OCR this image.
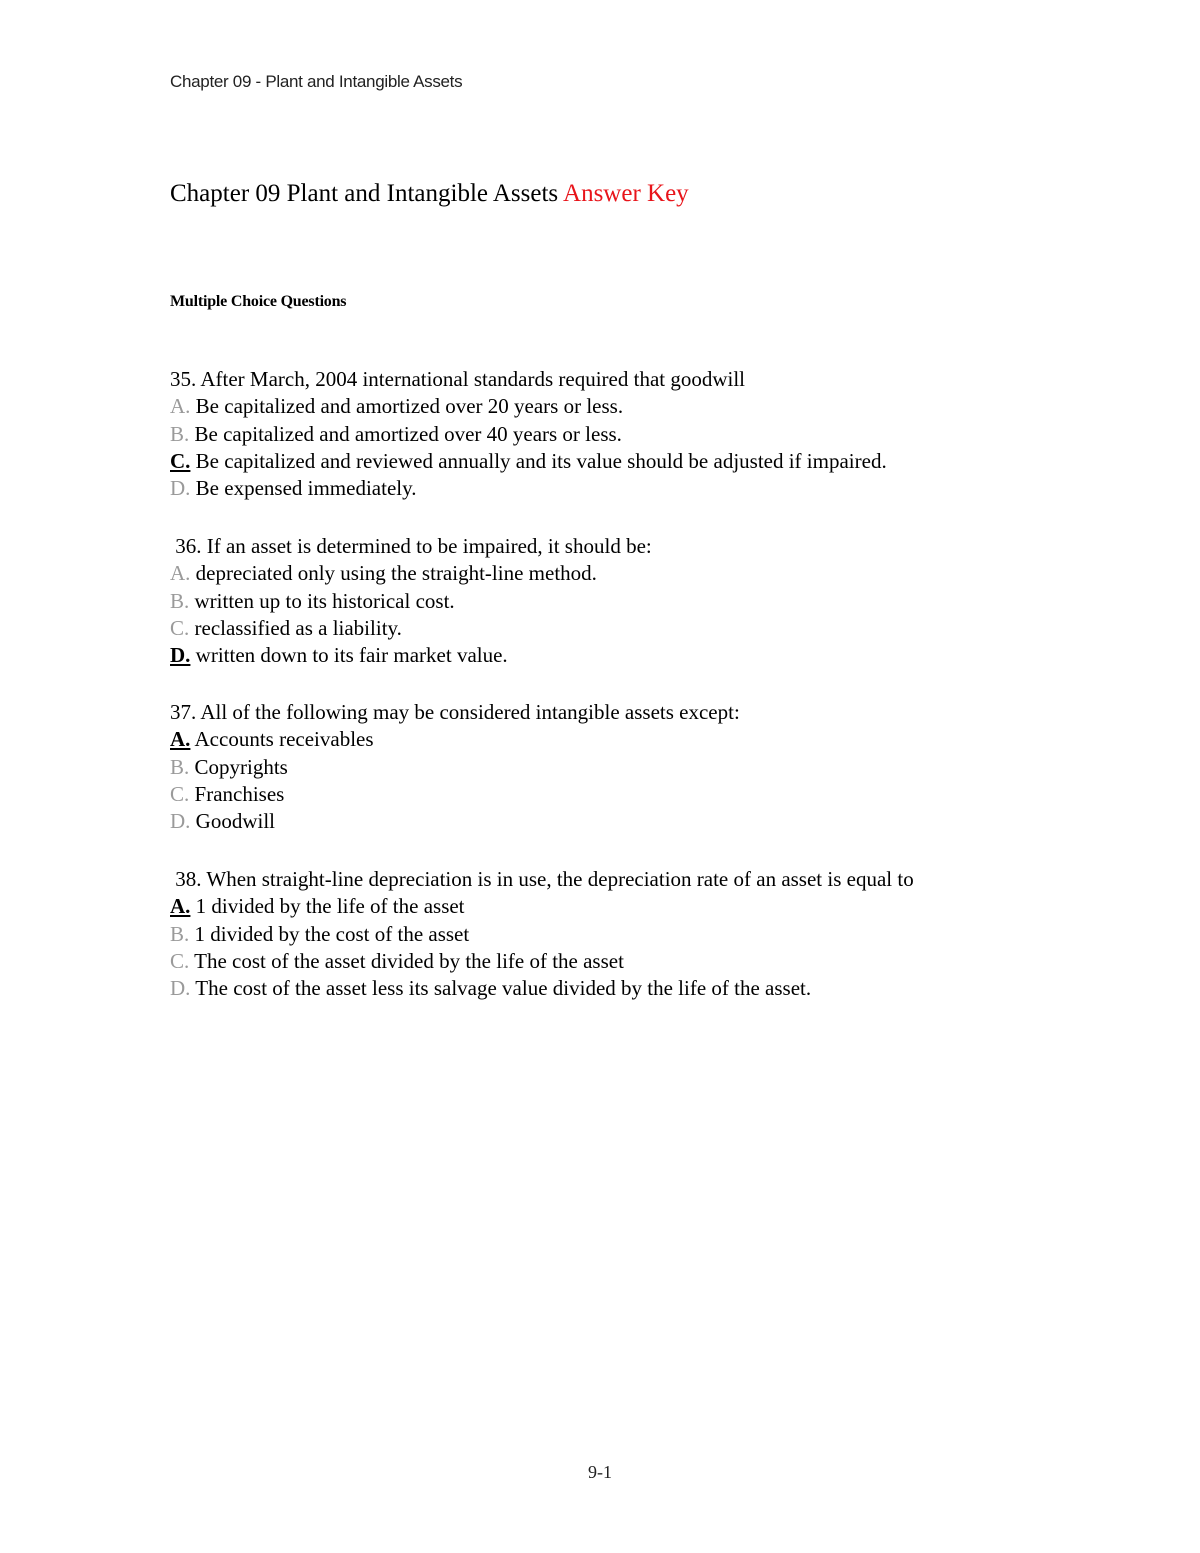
Chapter 09 - Plant and Intangible Assets
Chapter 09 Plant and Intangible Assets Answer Key
Multiple Choice Questions
35. After March, 2004 international standards required that goodwill
A. Be capitalized and amortized over 20 years or less.
B. Be capitalized and amortized over 40 years or less.
C. Be capitalized and reviewed annually and its value should be adjusted if impaired.
D. Be expensed immediately.
36. If an asset is determined to be impaired, it should be:
A. depreciated only using the straight-line method.
B. written up to its historical cost.
C. reclassified as a liability.
D. written down to its fair market value.
37. All of the following may be considered intangible assets except:
A. Accounts receivables
B. Copyrights
C. Franchises
D. Goodwill
38. When straight-line depreciation is in use, the depreciation rate of an asset is equal to
A. 1 divided by the life of the asset
B. 1 divided by the cost of the asset
C. The cost of the asset divided by the life of the asset
D. The cost of the asset less its salvage value divided by the life of the asset.
9-1
